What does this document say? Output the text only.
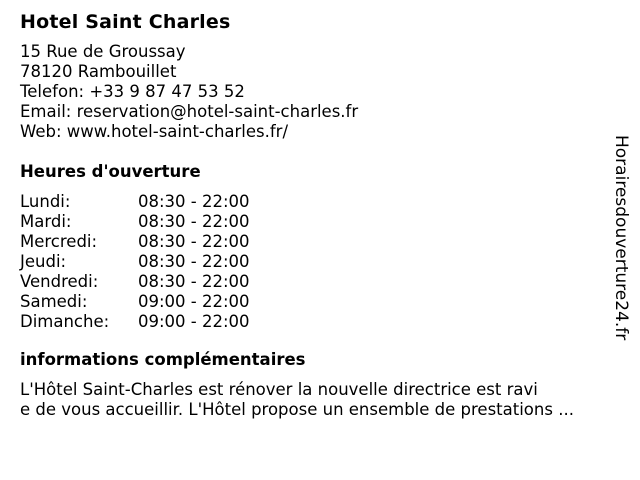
Hotel Saint Charles
15 Rue de Groussay
78120 Rambouillet
Telefon: +33 9 87 47 53 52
Email: reservation@hotel-saint-charles.fr
Web: www.hotel-saint-charles.fr/
Heures d'ouverture
Lundi:	08:30 - 22:00
Mardi:	08:30 - 22:00
Mercredi:	08:30 - 22:00
Jeudi:	08:30 - 22:00
Vendredi:	08:30 - 22:00
Samedi:	09:00 - 22:00
Dimanche:	09:00 - 22:00
informations complémentaires
L'Hôtel Saint-Charles est rénover la nouvelle directrice est ravi
e de vous accueillir. L'Hôtel propose un ensemble de prestations ...
Horairesdouverture24.fr
